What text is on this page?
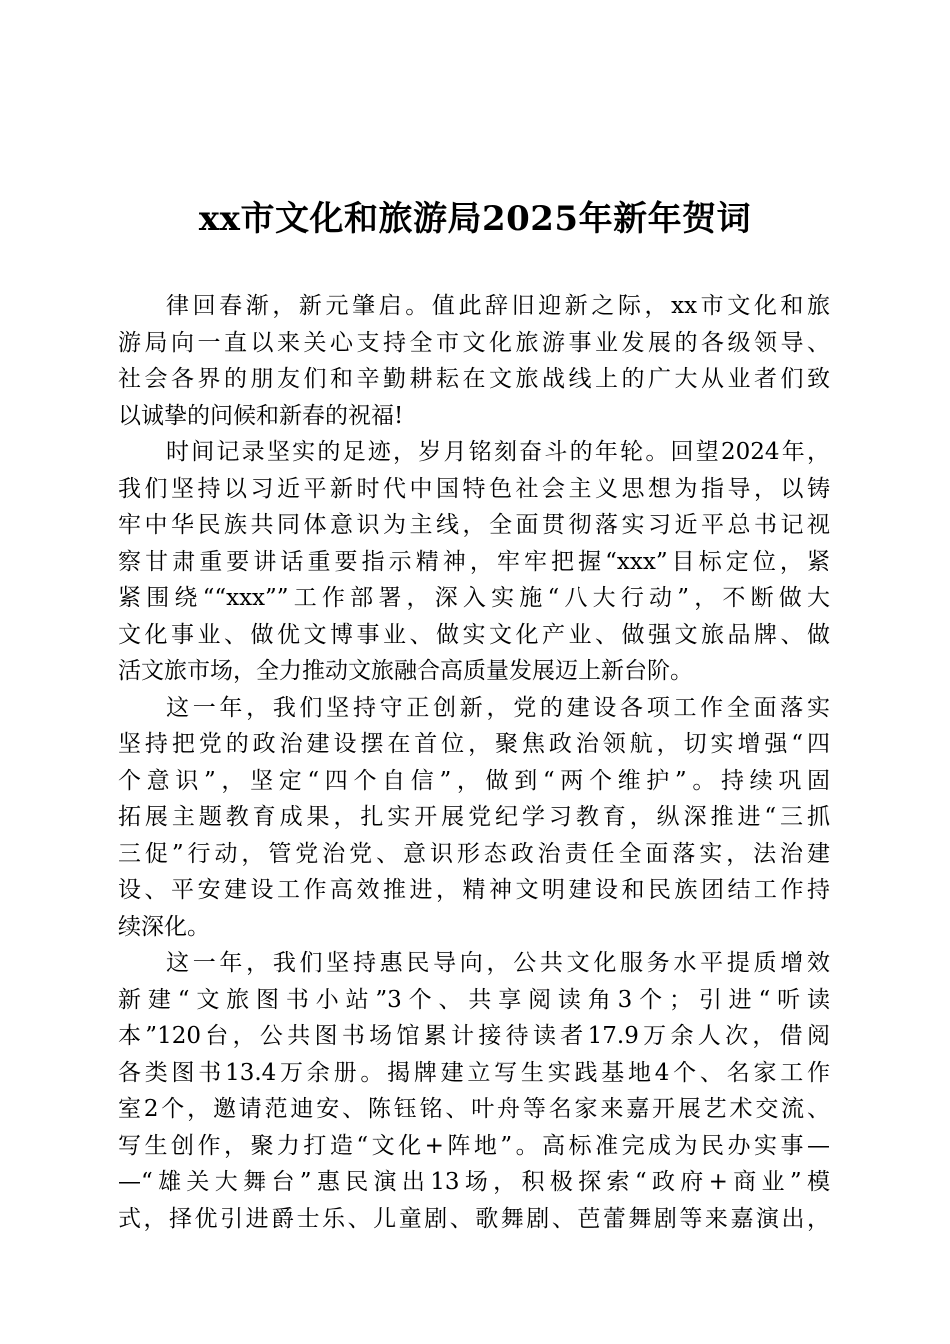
xx市文化和旅游局2025年新年贺词
律回春渐，新元肇启。值此辞旧迎新之际，xx市文化和旅
游局向一直以来关心支持全市文化旅游事业发展的各级领导、
社会各界的朋友们和辛勤耕耘在文旅战线上的广大从业者们致
以诚挚的问候和新春的祝福!
时间记录坚实的足迹，岁月铭刻奋斗的年轮。回望2024年，
我们坚持以习近平新时代中国特色社会主义思想为指导，以铸
牢中华民族共同体意识为主线，全面贯彻落实习近平总书记视
察甘肃重要讲话重要指示精神，牢牢把握“xxx”目标定位，紧
紧围绕““xxx””工作部署，深入实施“八大行动”，不断做大
文化事业、做优文博事业、做实文化产业、做强文旅品牌、做
活文旅市场，全力推动文旅融合高质量发展迈上新台阶。
这一年，我们坚持守正创新，党的建设各项工作全面落实
坚持把党的政治建设摆在首位，聚焦政治领航，切实增强“四
个意识”，坚定“四个自信”，做到“两个维护”。持续巩固
拓展主题教育成果，扎实开展党纪学习教育，纵深推进“三抓
三促”行动，管党治党、意识形态政治责任全面落实，法治建
设、平安建设工作高效推进，精神文明建设和民族团结工作持
续深化。
这一年，我们坚持惠民导向，公共文化服务水平提质增效
新建“文旅图书小站”3个、共享阅读角3个；引进“听读
本”120台，公共图书场馆累计接待读者17.9万余人次，借阅
各类图书13.4万余册。揭牌建立写生实践基地4个、名家工作
室2个，邀请范迪安、陈钰铭、叶舟等名家来嘉开展艺术交流、
写生创作，聚力打造“文化+阵地”。高标准完成为民办实事—
—“雄关大舞台”惠民演出13场，积极探索“政府+商业”模
式，择优引进爵士乐、儿童剧、歌舞剧、芭蕾舞剧等来嘉演出，
